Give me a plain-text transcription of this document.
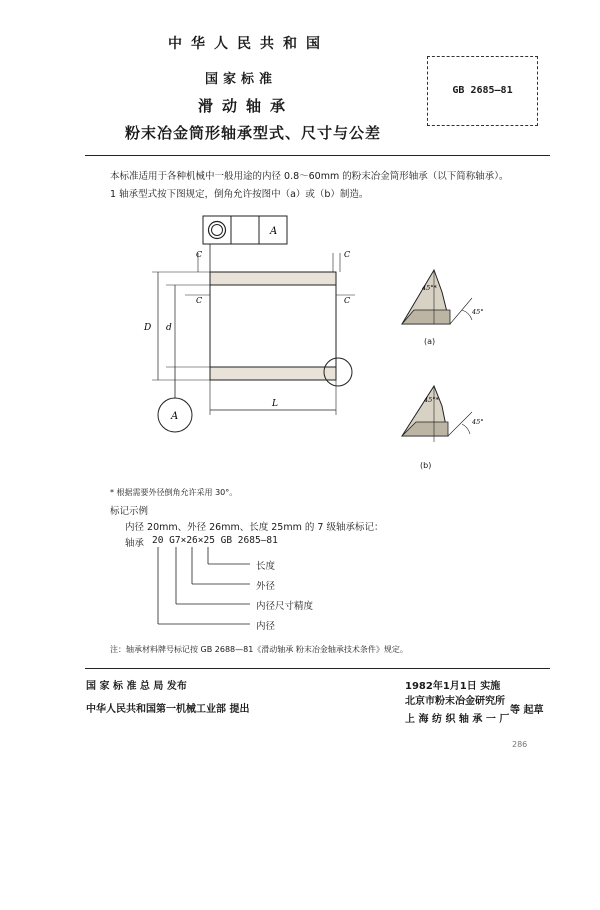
中华人民共和国
国家标准
滑动轴承
粉末冶金筒形轴承型式、尺寸与公差
GB 2685—81
本标准适用于各种机械中一般用途的内径 0.8～60mm 的粉末冶金筒形轴承（以下简称轴承）。
1 轴承型式按下图规定，倒角允许按图中（a）或（b）制造。
A
C	C
C	C
D d
A
L
45°*
45°
(a)
45°*
45°
(b)
* 根据需要外径倒角允许采用 30°。
标记示例
内径 20mm、外径 26mm、长度 25mm 的 7 级轴承标记：
轴承 20 G7×26×25 GB 2685—81
长度
外径
内径尺寸精度
内径
注：轴承材料牌号标记按 GB 2688—81《滑动轴承 粉末冶金轴承技术条件》规定。
国 家 标 准 总 局 发布
中华人民共和国第一机械工业部 提出
1982年1月1日 实施
北京市粉末冶金研究所
上 海 纺 织 轴 承 一 厂
等 起草
286
